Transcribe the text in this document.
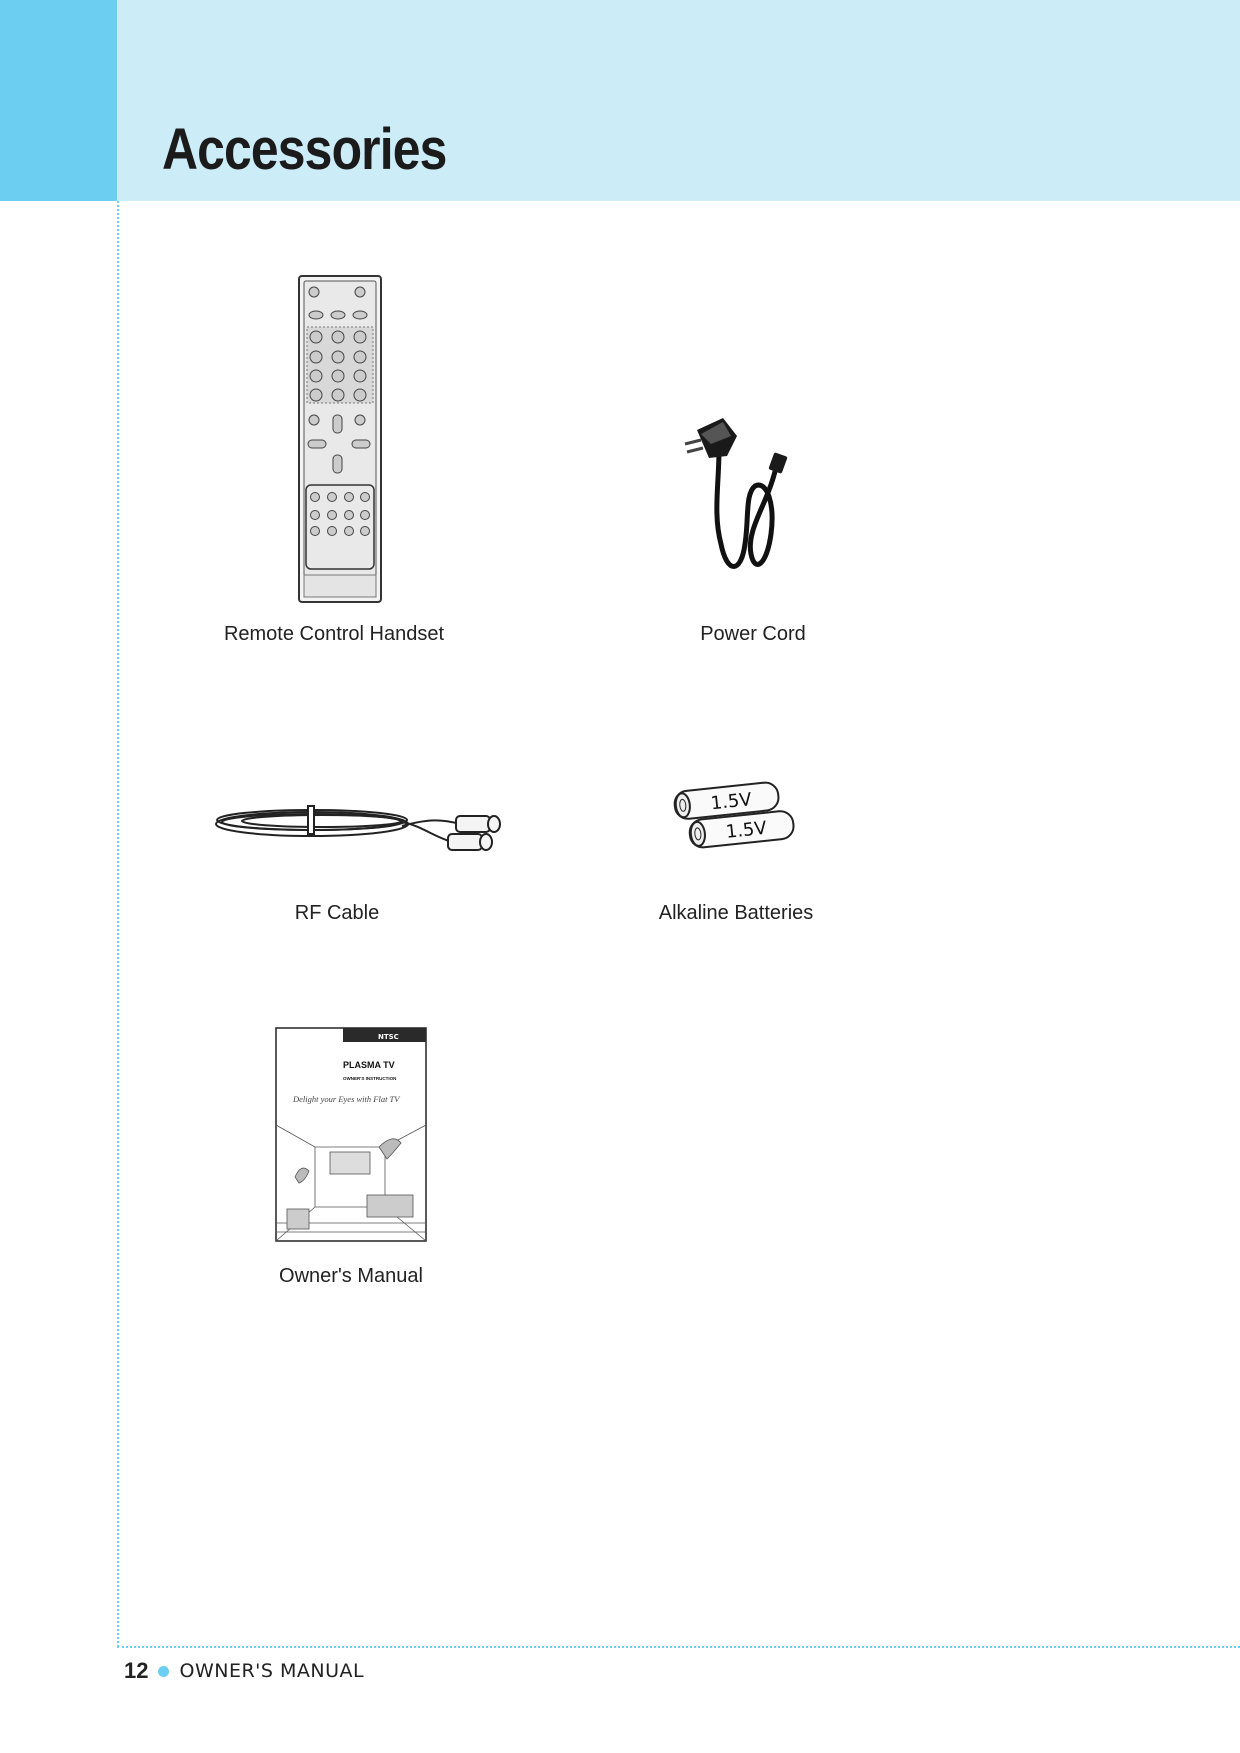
Accessories
Remote Control Handset	Power Cord
RF Cable
1.5V
1.5V
Alkaline Batteries
NTSC
PLASMA TV
OWNER'S INSTRUCTION
Delight your Eyes with Flat TV
Owner's Manual
12 OWNER'S MANUAL
